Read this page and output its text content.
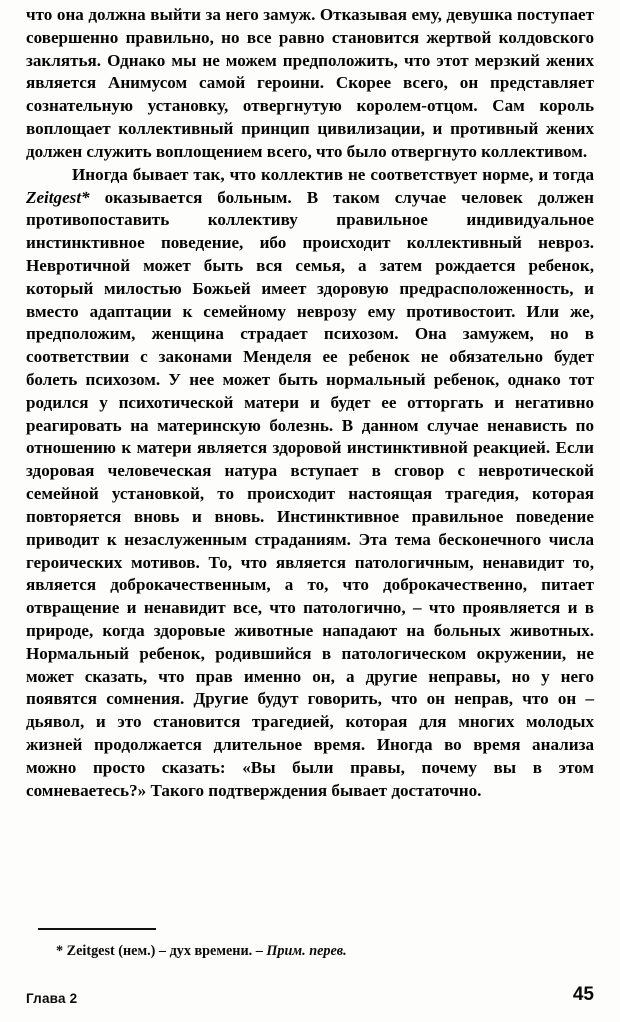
что она должна выйти за него замуж. Отказывая ему, девушка поступает совершенно правильно, но все равно становится жертвой колдовского заклятья. Однако мы не можем предположить, что этот мерзкий жених является Анимусом самой героини. Скорее всего, он представляет сознательную установку, отвергнутую королем-отцом. Сам король воплощает коллективный принцип цивилизации, и противный жених должен служить воплощением всего, что было отвергнуто коллективом.

Иногда бывает так, что коллектив не соответствует норме, и тогда Zeitgest* оказывается больным. В таком случае человек должен противопоставить коллективу правильное индивидуальное инстинктивное поведение, ибо происходит коллективный невроз. Невротичной может быть вся семья, а затем рождается ребенок, который милостью Божьей имеет здоровую предрасположенность, и вместо адаптации к семейному неврозу ему противостоит. Или же, предположим, женщина страдает психозом. Она замужем, но в соответствии с законами Менделя ее ребенок не обязательно будет болеть психозом. У нее может быть нормальный ребенок, однако тот родился у психотической матери и будет ее отторгать и негативно реагировать на материнскую болезнь. В данном случае ненависть по отношению к матери является здоровой инстинктивной реакцией. Если здоровая человеческая натура вступает в сговор с невротической семейной установкой, то происходит настоящая трагедия, которая повторяется вновь и вновь. Инстинктивное правильное поведение приводит к незаслуженным страданиям. Эта тема бесконечного числа героических мотивов. То, что является патологичным, ненавидит то, является доброкачественным, а то, что доброкачественно, питает отвращение и ненавидит все, что патологично, – что проявляется и в природе, когда здоровые животные нападают на больных животных. Нормальный ребенок, родившийся в патологическом окружении, не может сказать, что прав именно он, а другие неправы, но у него появятся сомнения. Другие будут говорить, что он неправ, что он – дьявол, и это становится трагедией, которая для многих молодых жизней продолжается длительное время. Иногда во время анализа можно просто сказать: «Вы были правы, почему вы в этом сомневаетесь?» Такого подтверждения бывает достаточно.

* Zeitgest (нем.) – дух времени. – Прим. перев.
Глава 2	45
